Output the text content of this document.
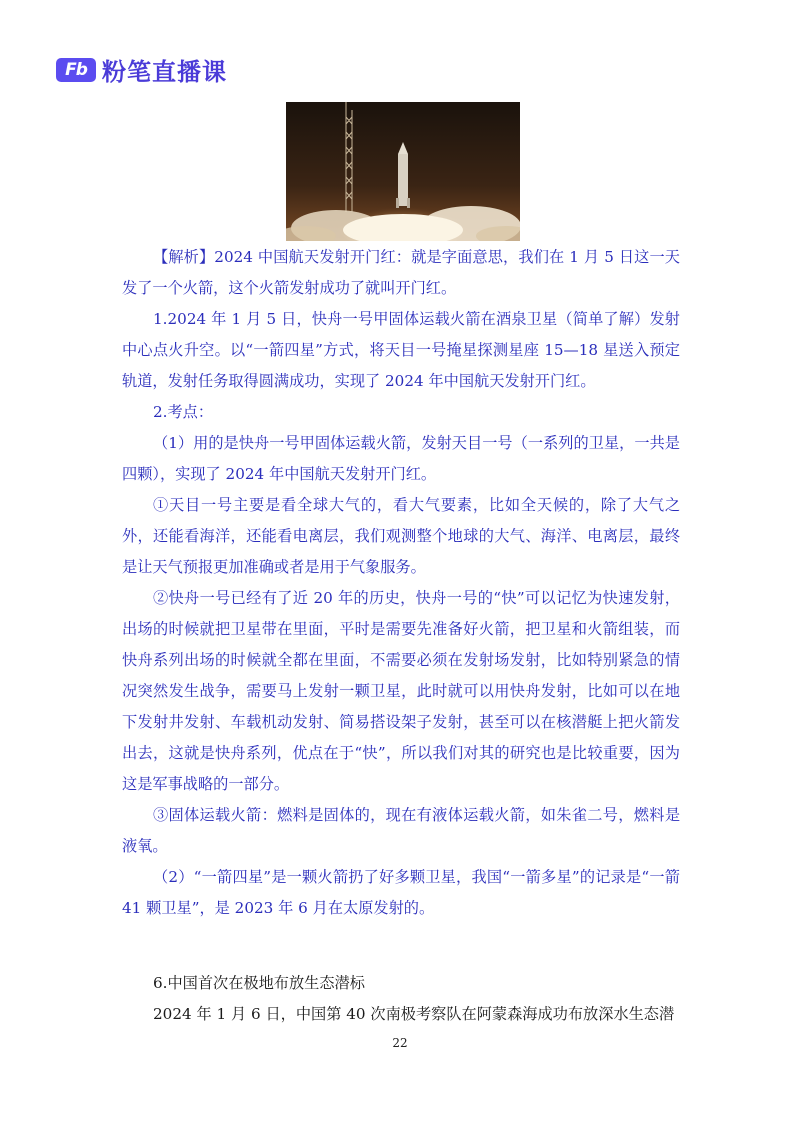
Fb 粉笔直播课

【解析】2024 中国航天发射开门红：就是字面意思，我们在 1 月 5 日这一天发了一个火箭，这个火箭发射成功了就叫开门红。

1.2024 年 1 月 5 日，快舟一号甲固体运载火箭在酒泉卫星（简单了解）发射中心点火升空。以“一箭四星”方式，将天目一号掩星探测星座 15—18 星送入预定轨道，发射任务取得圆满成功，实现了 2024 年中国航天发射开门红。

2.考点：

（1）用的是快舟一号甲固体运载火箭，发射天目一号（一系列的卫星，一共是四颗），实现了 2024 年中国航天发射开门红。

①天目一号主要是看全球大气的，看大气要素，比如全天候的，除了大气之外，还能看海洋，还能看电离层，我们观测整个地球的大气、海洋、电离层，最终是让天气预报更加准确或者是用于气象服务。

②快舟一号已经有了近 20 年的历史，快舟一号的“快”可以记忆为快速发射，出场的时候就把卫星带在里面，平时是需要先准备好火箭，把卫星和火箭组装，而快舟系列出场的时候就全都在里面，不需要必须在发射场发射，比如特别紧急的情况突然发生战争，需要马上发射一颗卫星，此时就可以用快舟发射，比如可以在地下发射井发射、车载机动发射、简易搭设架子发射，甚至可以在核潜艇上把火箭发出去，这就是快舟系列，优点在于“快”，所以我们对其的研究也是比较重要，因为这是军事战略的一部分。

③固体运载火箭：燃料是固体的，现在有液体运载火箭，如朱雀二号，燃料是液氧。

（2）“一箭四星”是一颗火箭扔了好多颗卫星，我国“一箭多星”的记录是“一箭 41 颗卫星”，是 2023 年 6 月在太原发射的。

6.中国首次在极地布放生态潜标

2024 年 1 月 6 日，中国第 40 次南极考察队在阿蒙森海成功布放深水生态潜

22
